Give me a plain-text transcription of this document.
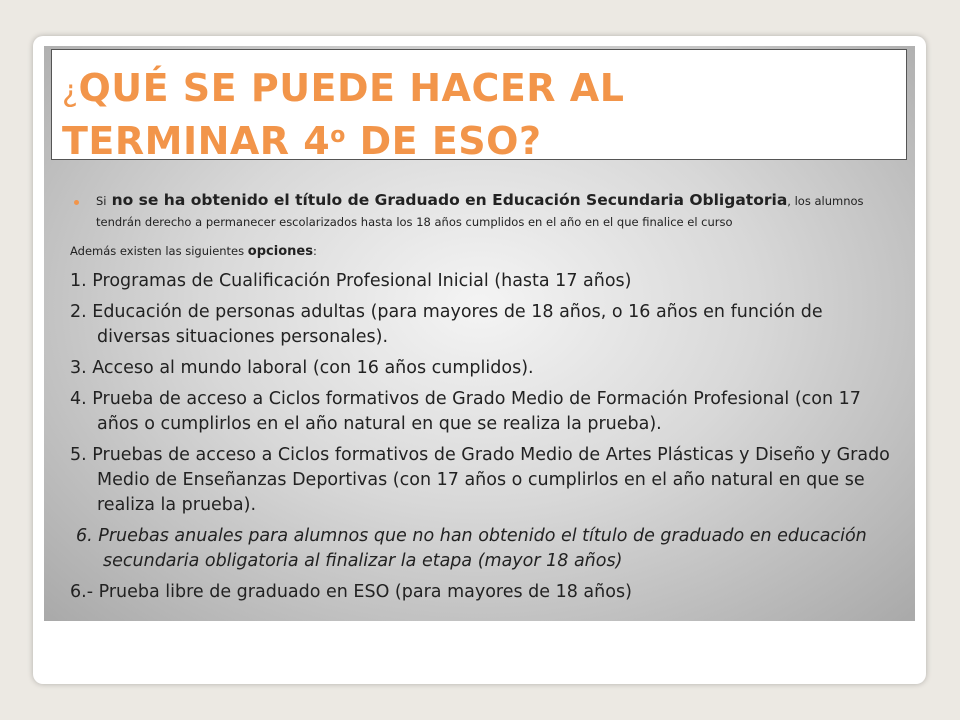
¿QUÉ SE PUEDE HACER AL
TERMINAR 4$^o$ DE ESO?
Si no se ha obtenido el título de Graduado en Educación Secundaria Obligatoria, los alumnos tendrán derecho a permanecer escolarizados hasta los 18 años cumplidos en el año en el que finalice el curso
Además existen las siguientes opciones:
1. Programas de Cualificación Profesional Inicial (hasta 17 años)
2. Educación de personas adultas (para mayores de 18 años, o 16 años en función de diversas situaciones personales).
3. Acceso al mundo laboral (con 16 años cumplidos).
4. Prueba de acceso a Ciclos formativos de Grado Medio de Formación Profesional (con 17 años o cumplirlos en el año natural en que se realiza la prueba).
5. Pruebas de acceso a Ciclos formativos de Grado Medio de Artes Plásticas y Diseño y Grado Medio de Enseñanzas Deportivas (con 17 años o cumplirlos en el año natural en que se realiza la prueba).
6. Pruebas anuales para alumnos que no han obtenido el título de graduado en educación secundaria obligatoria al finalizar la etapa (mayor 18 años)
6.- Prueba libre de graduado en ESO (para mayores de 18 años)
